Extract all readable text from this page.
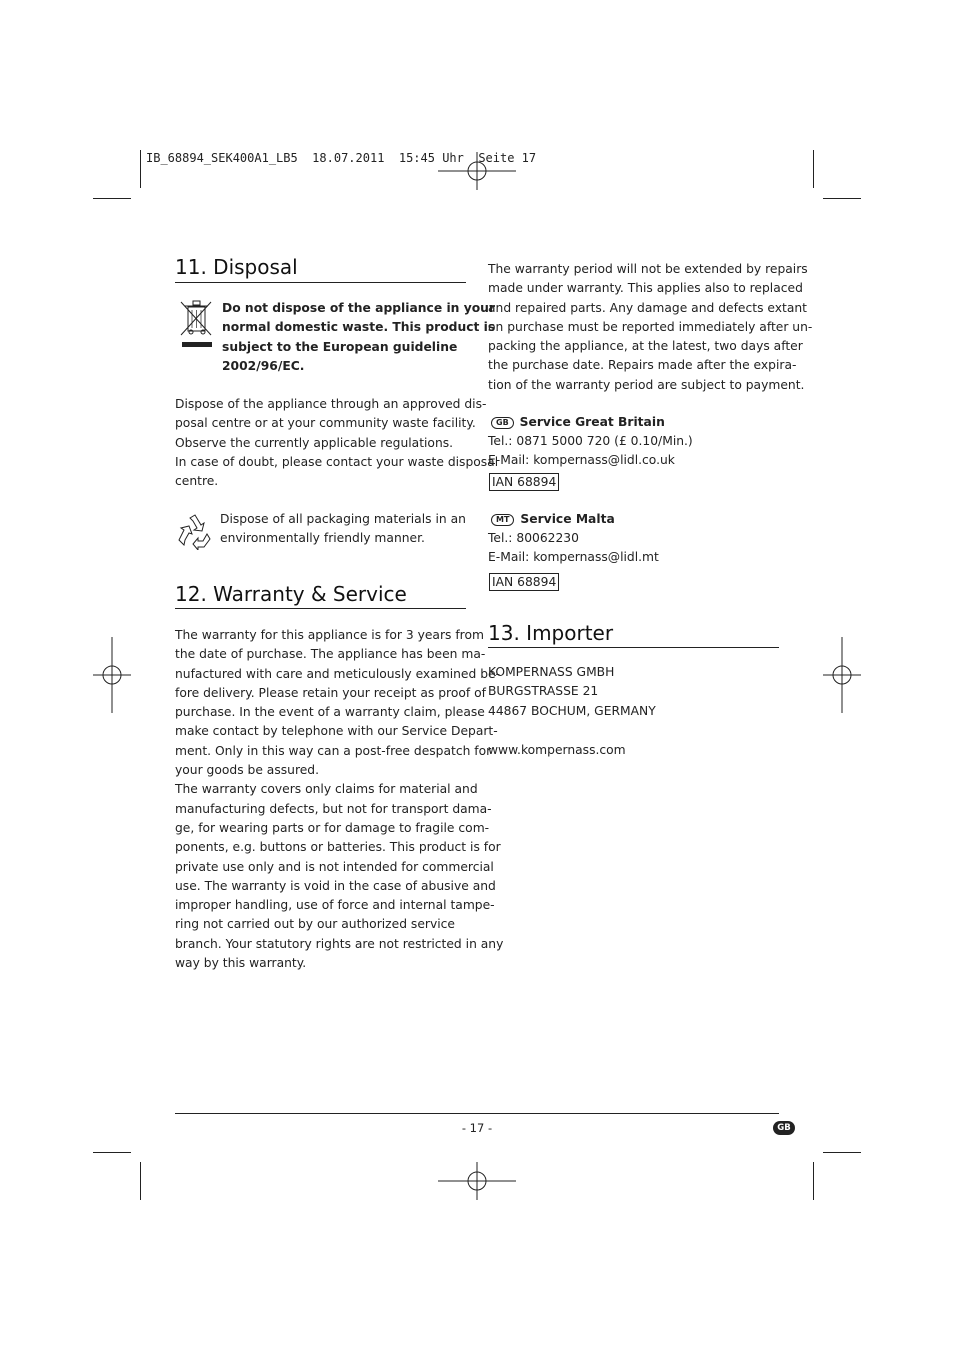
IB_68894_SEK400A1_LB5  18.07.2011  15:45 Uhr  Seite 17
11. Disposal
Do not dispose of the appliance in your
normal domestic waste. This product is
subject to the European guideline
2002/96/EC.
Dispose of the appliance through an approved dis-
posal centre or at your community waste facility.
Observe the currently applicable regulations.
In case of doubt, please contact your waste disposal
centre.
Dispose of all packaging materials in an
environmentally friendly manner.
12. Warranty & Service
The warranty for this appliance is for 3 years from
the date of purchase. The appliance has been ma-
nufactured with care and meticulously examined be-
fore delivery. Please retain your receipt as proof of
purchase. In the event of a warranty claim, please
make contact by telephone with our Service Depart-
ment. Only in this way can a post-free despatch for
your goods be assured.
The warranty covers only claims for material and
manufacturing defects, but not for transport dama-
ge, for wearing parts or for damage to fragile com-
ponents, e.g. buttons or batteries. This product is for
private use only and is not intended for commercial
use. The warranty is void in the case of abusive and
improper handling, use of force and internal tampe-
ring not carried out by our authorized service
branch. Your statutory rights are not restricted in any
way by this warranty.
The warranty period will not be extended by repairs
made under warranty. This applies also to replaced
and repaired parts. Any damage and defects extant
on purchase must be reported immediately after un-
packing the appliance, at the latest, two days after
the purchase date. Repairs made after the expira-
tion of the warranty period are subject to payment.
GB Service Great Britain
Tel.: 0871 5000 720 (£ 0.10/Min.)
E-Mail: kompernass@lidl.co.uk
IAN 68894
MT Service Malta
Tel.: 80062230
E-Mail: kompernass@lidl.mt
IAN 68894
13. Importer
KOMPERNASS GMBH
BURGSTRASSE 21
44867 BOCHUM, GERMANY
www.kompernass.com
- 17 -	GB
